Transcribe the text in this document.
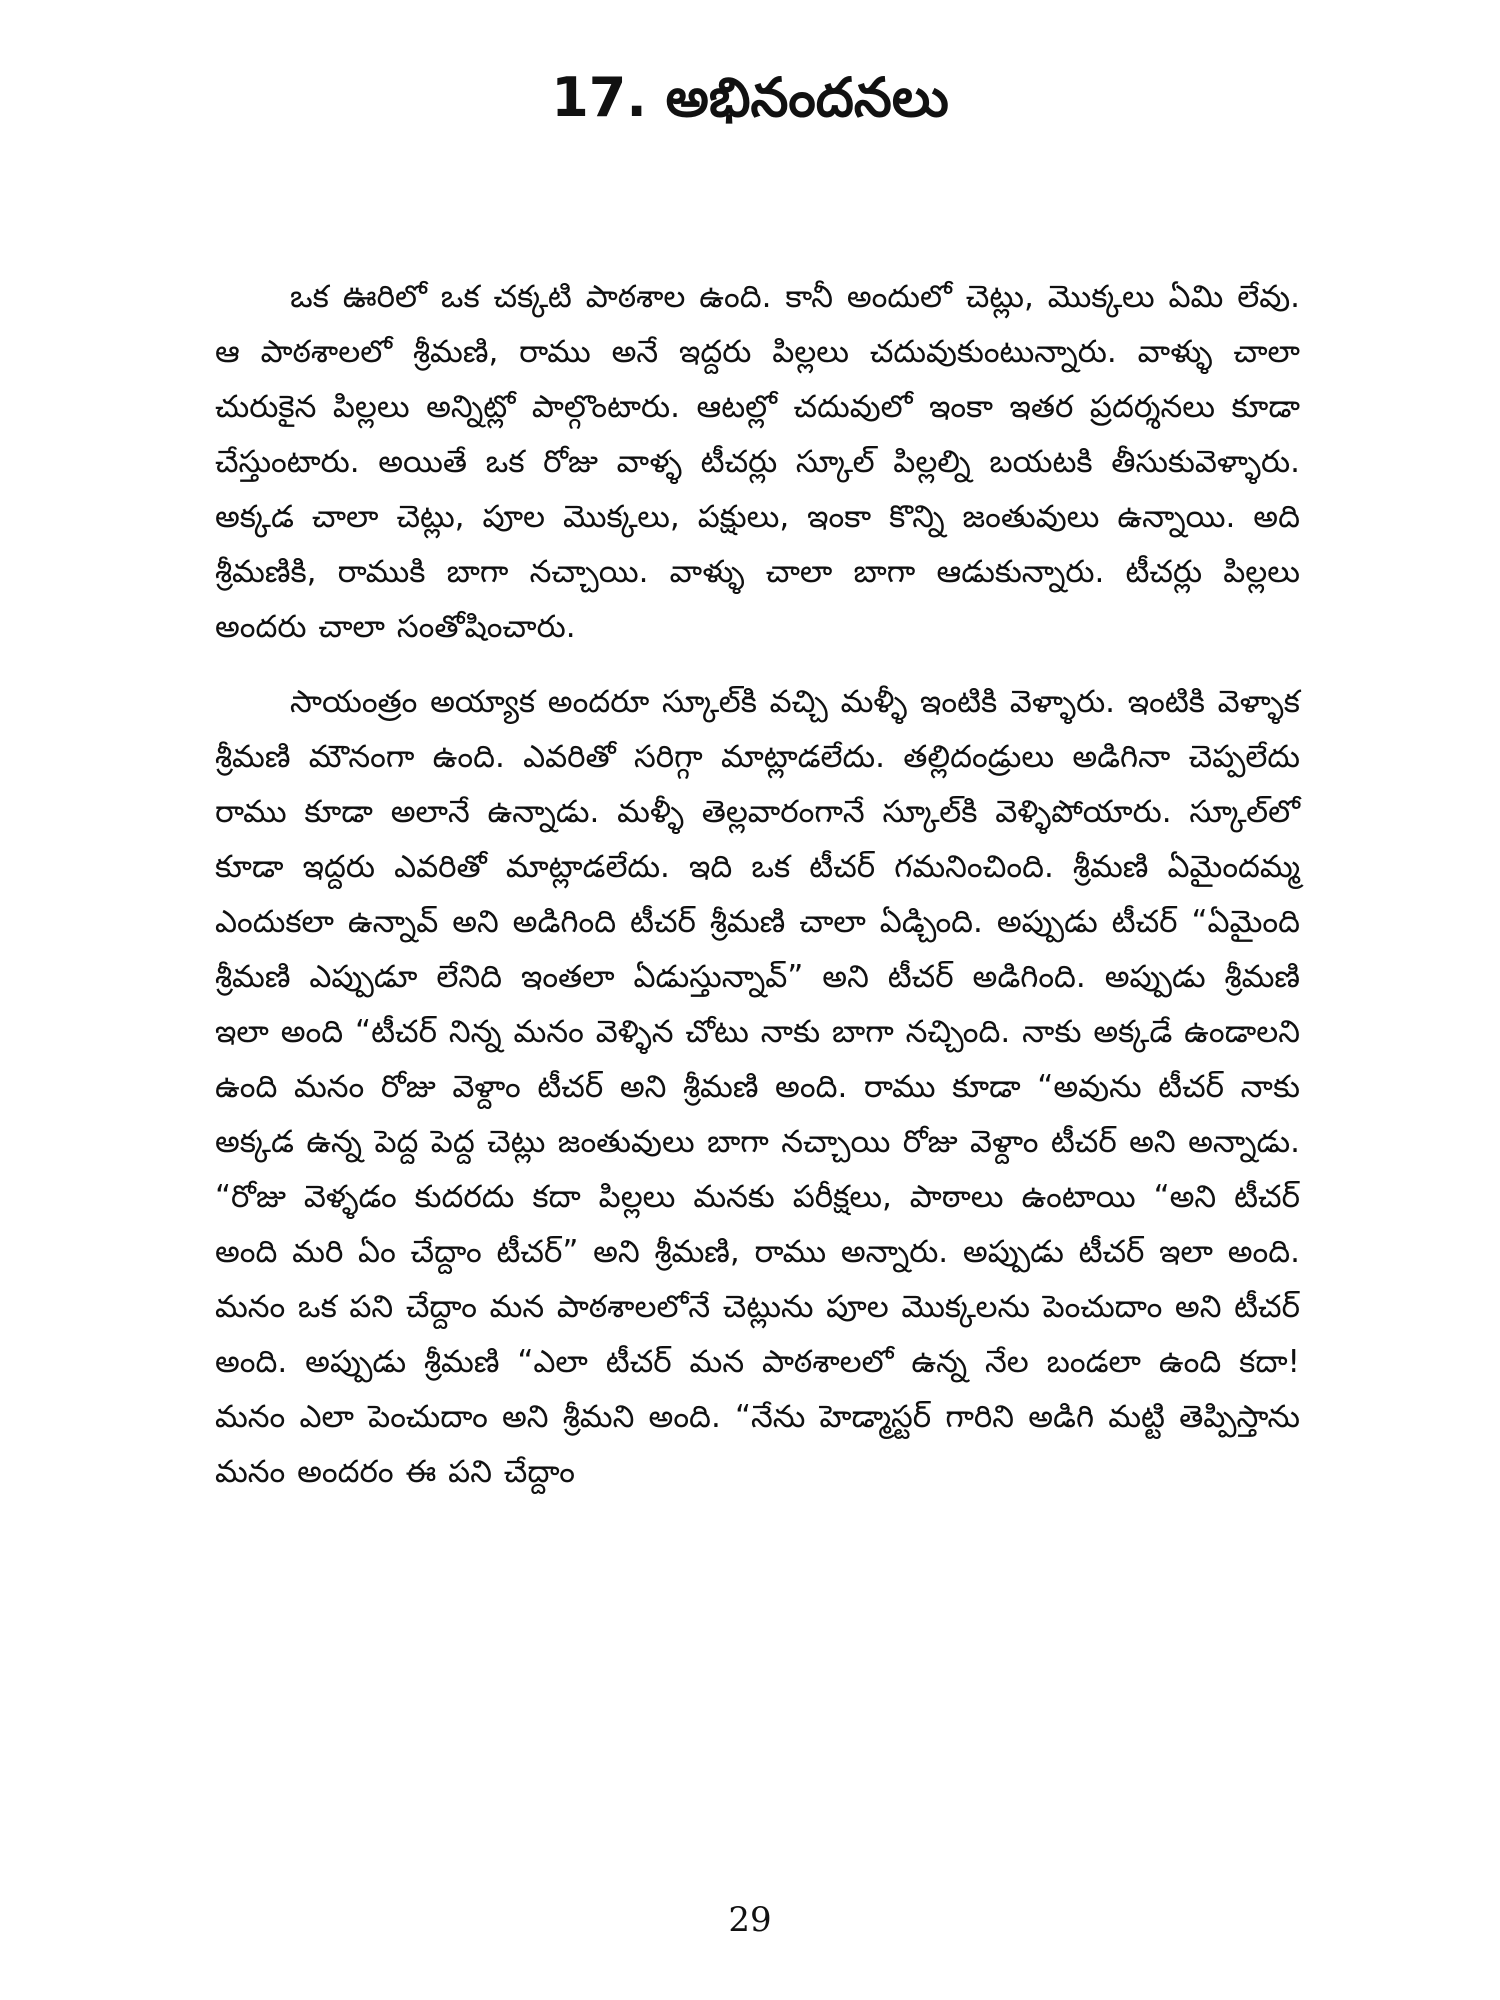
17. అభినందనలు

ఒక ఊరిలో ఒక చక్కటి పాఠశాల ఉంది. కానీ అందులో చెట్లు, మొక్కలు ఏమి లేవు. ఆ పాఠశాలలో శ్రీమణి, రాము అనే ఇద్దరు పిల్లలు చదువుకుంటున్నారు. వాళ్ళు చాలా చురుకైన పిల్లలు అన్నిట్లో పాల్గొంటారు. ఆటల్లో చదువులో ఇంకా ఇతర ప్రదర్శనలు కూడా చేస్తుంటారు. అయితే ఒక రోజు వాళ్ళ టీచర్లు స్కూల్ పిల్లల్ని బయటకి తీసుకువెళ్ళారు. అక్కడ చాలా చెట్లు, పూల మొక్కలు, పక్షులు, ఇంకా కొన్ని జంతువులు ఉన్నాయి. అది శ్రీమణికి, రాముకి బాగా నచ్చాయి. వాళ్ళు చాలా బాగా ఆడుకున్నారు. టీచర్లు పిల్లలు అందరు చాలా సంతోషించారు.

సాయంత్రం అయ్యాక అందరూ స్కూల్‌కి వచ్చి మళ్ళీ ఇంటికి వెళ్ళారు. ఇంటికి వెళ్ళాక శ్రీమణి మౌనంగా ఉంది. ఎవరితో సరిగ్గా మాట్లాడలేదు. తల్లిదండ్రులు అడిగినా చెప్పలేదు రాము కూడా అలానే ఉన్నాడు. మళ్ళీ తెల్లవారంగానే స్కూల్‌కి వెళ్ళిపోయారు. స్కూల్‌లో కూడా ఇద్దరు ఎవరితో మాట్లాడలేదు. ఇది ఒక టీచర్ గమనించింది. శ్రీమణి ఏమైందమ్మ ఎందుకలా ఉన్నావ్ అని అడిగింది టీచర్ శ్రీమణి చాలా ఏడ్చింది. అప్పుడు టీచర్ “ఏమైంది శ్రీమణి ఎప్పుడూ లేనిది ఇంతలా ఏడుస్తున్నావ్” అని టీచర్ అడిగింది. అప్పుడు శ్రీమణి ఇలా అంది “టీచర్ నిన్న మనం వెళ్ళిన చోటు నాకు బాగా నచ్చింది. నాకు అక్కడే ఉండాలని ఉంది మనం రోజు వెళ్దాం టీచర్ అని శ్రీమణి అంది. రాము కూడా “అవును టీచర్ నాకు అక్కడ ఉన్న పెద్ద పెద్ద చెట్లు జంతువులు బాగా నచ్చాయి రోజు వెళ్దాం టీచర్ అని అన్నాడు. “రోజు వెళ్ళడం కుదరదు కదా పిల్లలు మనకు పరీక్షలు, పాఠాలు ఉంటాయి “అని టీచర్ అంది మరి ఏం చేద్దాం టీచర్” అని శ్రీమణి, రాము అన్నారు. అప్పుడు టీచర్ ఇలా అంది. మనం ఒక పని చేద్దాం మన పాఠశాలలోనే చెట్లును పూల మొక్కలను పెంచుదాం అని టీచర్ అంది. అప్పుడు శ్రీమణి “ఎలా టీచర్ మన పాఠశాలలో ఉన్న నేల బండలా ఉంది కదా! మనం ఎలా పెంచుదాం అని శ్రీమని అంది. “నేను హెడ్మాస్టర్ గారిని అడిగి మట్టి తెప్పిస్తాను మనం అందరం ఈ పని చేద్దాం

29
